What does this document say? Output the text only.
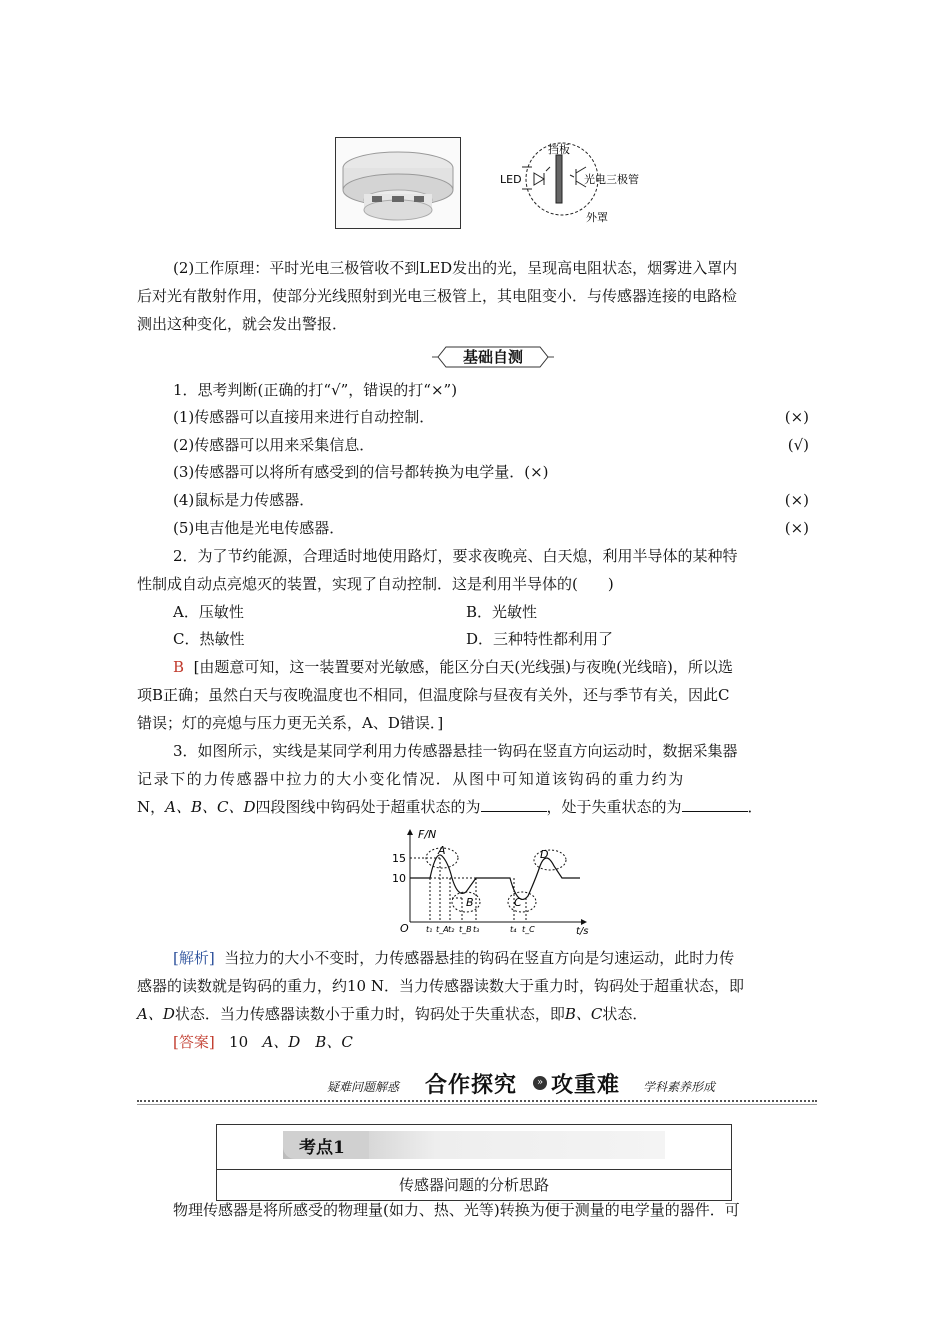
LED
挡板
光电三极管
外罩
(2)工作原理：平时光电三极管收不到LED发出的光，呈现高电阻状态，烟雾进入罩内
后对光有散射作用，使部分光线照射到光电三极管上，其电阻变小．与传感器连接的电路检
测出这种变化，就会发出警报．
基础自测
1．思考判断(正确的打“√”，错误的打“×”)
(1)传感器可以直接用来进行自动控制．	(×)
(2)传感器可以用来采集信息．	(√)
(3)传感器可以将所有感受到的信号都转换为电学量．(×)
(4)鼠标是力传感器．	(×)
(5)电吉他是光电传感器．	(×)
2．为了节约能源，合理适时地使用路灯，要求夜晚亮、白天熄，利用半导体的某种特
性制成自动点亮熄灭的装置，实现了自动控制．这是利用半导体的(　　)
A．压敏性	B．光敏性
C．热敏性	D．三种特性都利用了
B [由题意可知，这一装置要对光敏感，能区分白天(光线强)与夜晚(光线暗)，所以选
项B正确；虽然白天与夜晚温度也不相同，但温度除与昼夜有关外，还与季节有关，因此C
错误；灯的亮熄与压力更无关系，A、D错误．]
3．如图所示，实线是某同学利用力传感器悬挂一钩码在竖直方向运动时，数据采集器
记录下的力传感器中拉力的大小变化情况．从图中可知道该钩码的重力约为
N，A、B、C、D四段图线中钩码处于超重状态的为	，处于失重状态的为	．
F/N
t/s
O
15
10
A
B	C
D
t₁ t_A t₂ t_B t₃	t₄ t_C
[解析] 当拉力的大小不变时，力传感器悬挂的钩码在竖直方向是匀速运动，此时力传
感器的读数就是钩码的重力，约10 N．当力传感器读数大于重力时，钩码处于超重状态，即
A、D状态．当力传感器读数小于重力时，钩码处于失重状态，即B、C状态．
[答案] 10 A、D　B、C
疑难问题解惑 合作探究	» 攻重难 学科素养形成
考点1
传感器问题的分析思路
物理传感器是将所感受的物理量(如力、热、光等)转换为便于测量的电学量的器件．可
